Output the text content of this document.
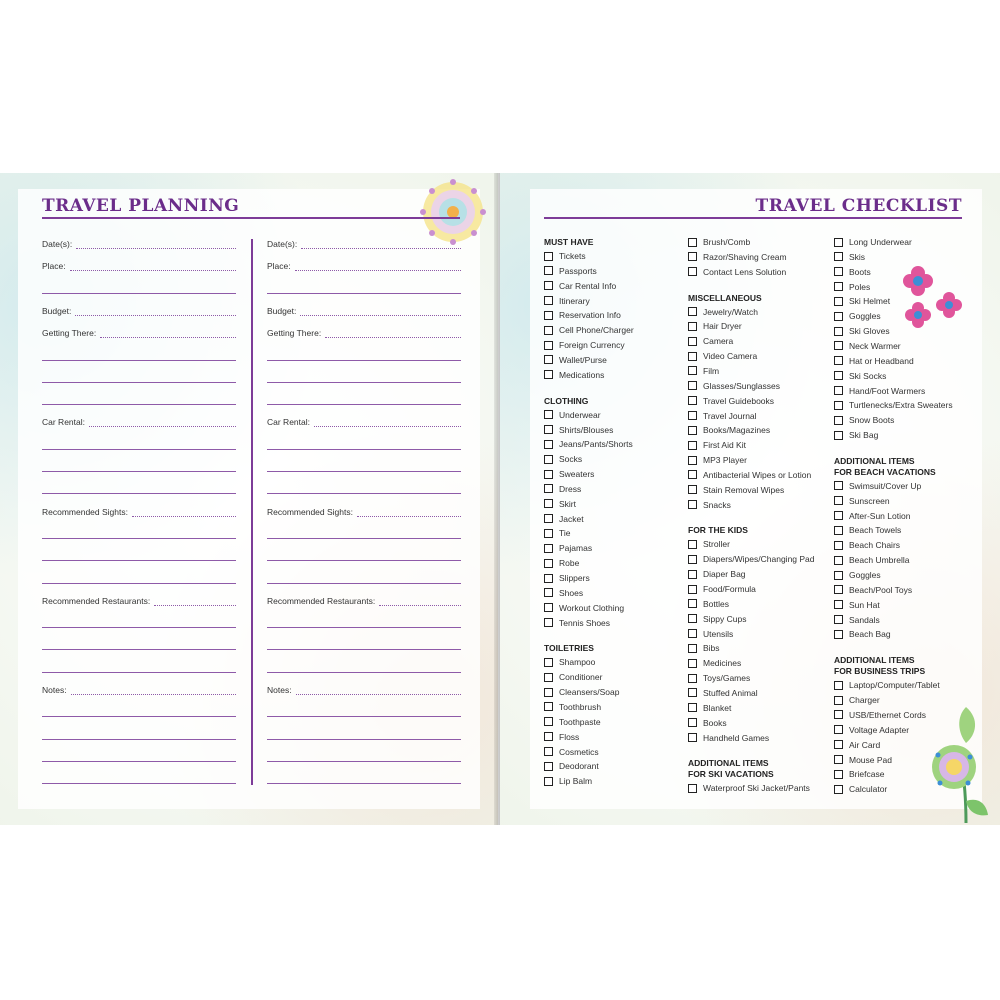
TRAVEL PLANNING
Date(s):
Place:
Budget:
Getting There:
Car Rental:
Recommended Sights:
Recommended Restaurants:
Notes:
Date(s):
Place:
Budget:
Getting There:
Car Rental:
Recommended Sights:
Recommended Restaurants:
Notes:
TRAVEL CHECKLIST
MUST HAVE
Tickets
Passports
Car Rental Info
Itinerary
Reservation Info
Cell Phone/Charger
Foreign Currency
Wallet/Purse
Medications
CLOTHING
Underwear
Shirts/Blouses
Jeans/Pants/Shorts
Socks
Sweaters
Dress
Skirt
Jacket
Tie
Pajamas
Robe
Slippers
Shoes
Workout Clothing
Tennis Shoes
TOILETRIES
Shampoo
Conditioner
Cleansers/Soap
Toothbrush
Toothpaste
Floss
Cosmetics
Deodorant
Lip Balm
Brush/Comb
Razor/Shaving Cream
Contact Lens Solution
MISCELLANEOUS
Jewelry/Watch
Hair Dryer
Camera
Video Camera
Film
Glasses/Sunglasses
Travel Guidebooks
Travel Journal
Books/Magazines
First Aid Kit
MP3 Player
Antibacterial Wipes or Lotion
Stain Removal Wipes
Snacks
FOR THE KIDS
Stroller
Diapers/Wipes/Changing Pad
Diaper Bag
Food/Formula
Bottles
Sippy Cups
Utensils
Bibs
Medicines
Toys/Games
Stuffed Animal
Blanket
Books
Handheld Games
ADDITIONAL ITEMS
FOR SKI VACATIONS
Waterproof Ski Jacket/Pants
Long Underwear
Skis
Boots
Poles
Ski Helmet
Goggles
Ski Gloves
Neck Warmer
Hat or Headband
Ski Socks
Hand/Foot Warmers
Turtlenecks/Extra Sweaters
Snow Boots
Ski Bag
ADDITIONAL ITEMS
FOR BEACH VACATIONS
Swimsuit/Cover Up
Sunscreen
After-Sun Lotion
Beach Towels
Beach Chairs
Beach Umbrella
Goggles
Beach/Pool Toys
Sun Hat
Sandals
Beach Bag
ADDITIONAL ITEMS
FOR BUSINESS TRIPS
Laptop/Computer/Tablet
Charger
USB/Ethernet Cords
Voltage Adapter
Air Card
Mouse Pad
Briefcase
Calculator
